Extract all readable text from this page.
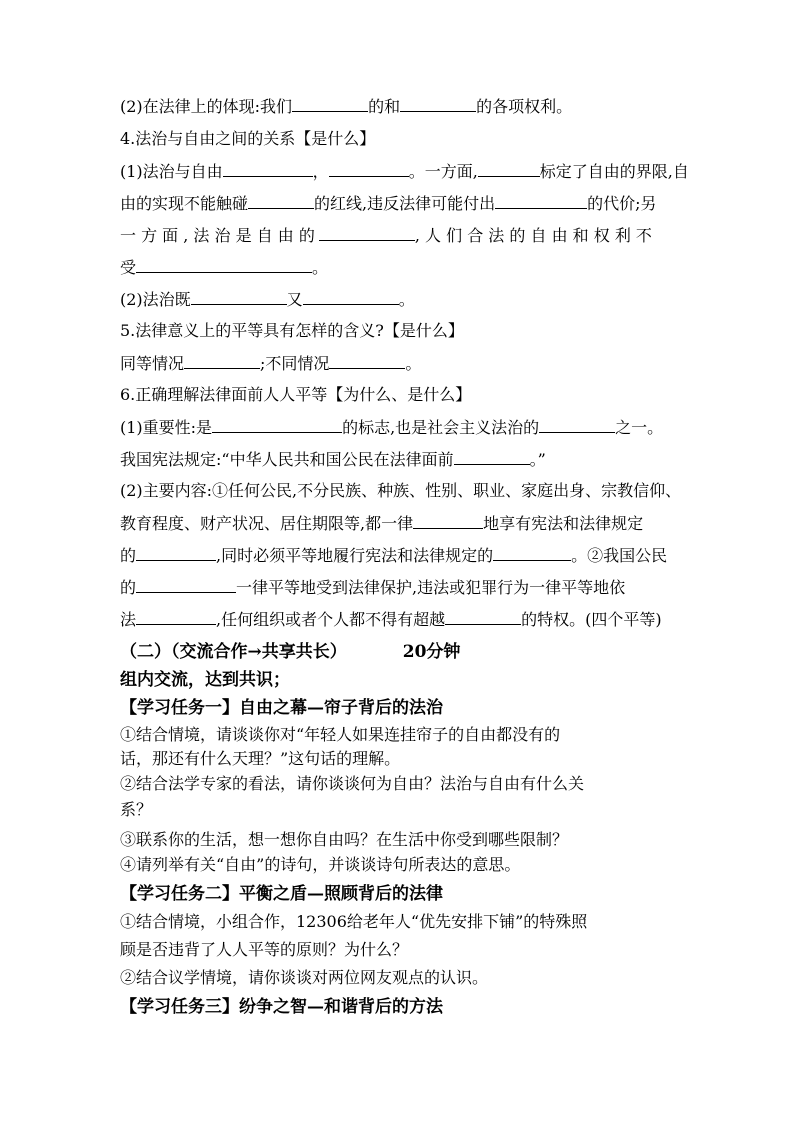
(2)在法律上的体现:我们	的和	的各项权利。
4.法治与自由之间的关系【是什么】
(1)法治与自由	，	。一方面,	标定了自由的界限,自
由的实现不能触碰	的红线,违反法律可能付出	的代价;另
一 方 面 , 法 治 是 自 由 的	, 人 们 合 法 的 自 由 和 权 利 不
受	。
(2)法治既	又	。
5.法律意义上的平等具有怎样的含义?【是什么】
同等情况	;不同情况	。
6.正确理解法律面前人人平等【为什么、是什么】
(1)重要性:是	的标志,也是社会主义法治的	之一。
我国宪法规定:“中华人民共和国公民在法律面前	。”
(2)主要内容:①任何公民,不分民族、种族、性别、职业、家庭出身、宗教信仰、
教育程度、财产状况、居住期限等,都一律	地享有宪法和法律规定
的	,同时必须平等地履行宪法和法律规定的	。②我国公民
的	一律平等地受到法律保护,违法或犯罪行为一律平等地依
法	,任何组织或者个人都不得有超越	的特权。(四个平等)
（二）（交流合作→共享共长）	20分钟
组内交流，达到共识；
【学习任务一】自由之幕—帘子背后的法治
①结合情境，请谈谈你对“年轻人如果连挂帘子的自由都没有的
话，那还有什么天理？”这句话的理解。
②结合法学专家的看法，请你谈谈何为自由？法治与自由有什么关
系？
③联系你的生活，想一想你自由吗？在生活中你受到哪些限制？
④请列举有关“自由”的诗句，并谈谈诗句所表达的意思。
【学习任务二】平衡之盾—照顾背后的法律
①结合情境，小组合作，12306给老年人“优先安排下铺”的特殊照
顾是否违背了人人平等的原则？为什么？
②结合议学情境，请你谈谈对两位网友观点的认识。
【学习任务三】纷争之智—和谐背后的方法
